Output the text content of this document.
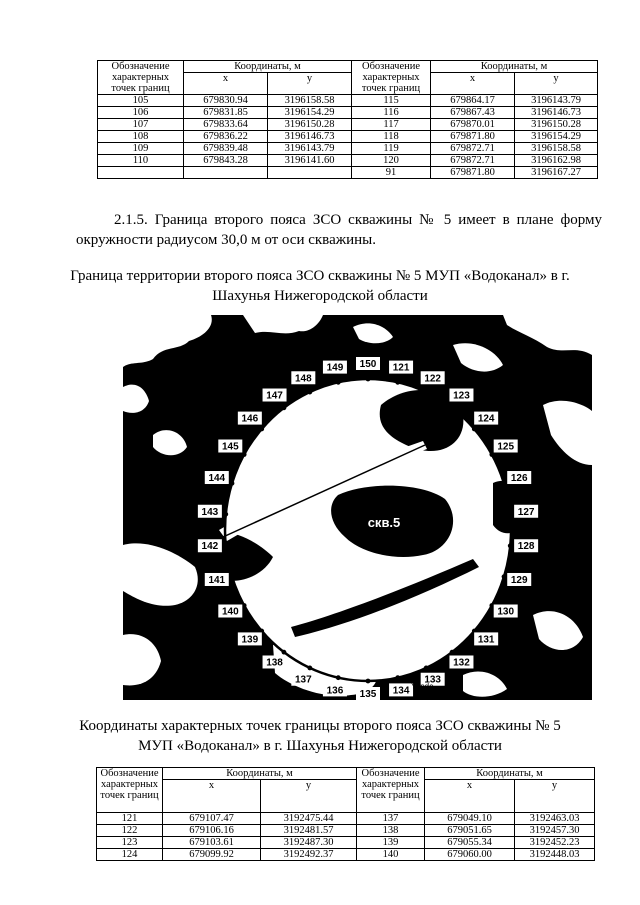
Обозначение характерных точек границ	Координаты, м		Обозначение характерных точек границ	Координаты, м	
	x	y		x	y
105	679830.94	3196158.58	115	679864.17	3196143.79
106	679831.85	3196154.29	116	679867.43	3196146.73
107	679833.64	3196150.28	117	679870.01	3196150.28
108	679836.22	3196146.73	118	679871.80	3196154.29
109	679839.48	3196143.79	119	679872.71	3196158.58
110	679843.28	3196141.60	120	679872.71	3196162.98
			91	679871.80	3196167.27

2.1.5. Граница второго пояса ЗСО скважины № 5 имеет в плане форму окружности радиусом 30,0 м от оси скважины.

Граница территории второго пояса ЗСО скважины № 5 МУП «Водоканал» в г. Шахунья Нижегородской области

121
122
123
124
125
126
127
128
129
130
131
132
133
134
135
136
137
138
139
140
141
142
143
144
145
146
147
148
149 150
скв.5
Yande

Координаты характерных точек границы второго пояса ЗСО скважины № 5 МУП «Водоканал» в г. Шахунья Нижегородской области

Обозначение характерных точек границ	Координаты, м		Обозначение характерных точек границ	Координаты, м	
	x	y		x	y
121	679107.47	3192475.44	137	679049.10	3192463.03
122	679106.16	3192481.57	138	679051.65	3192457.30
123	679103.61	3192487.30	139	679055.34	3192452.23
124	679099.92	3192492.37	140	679060.00	3192448.03
